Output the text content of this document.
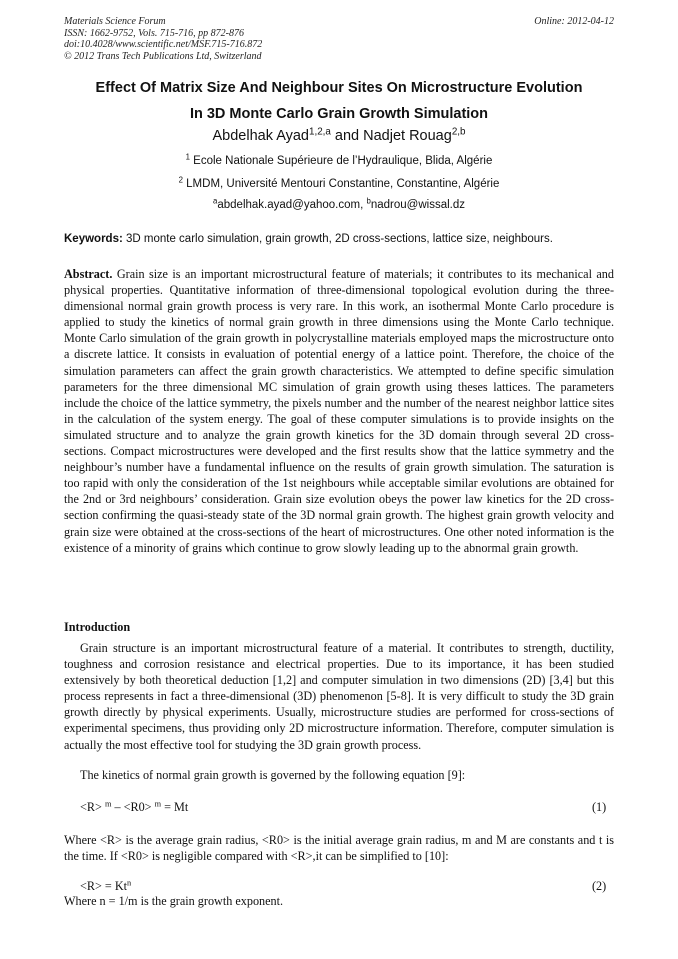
Materials Science Forum
ISSN: 1662-9752, Vols. 715-716, pp 872-876
doi:10.4028/www.scientific.net/MSF.715-716.872
© 2012 Trans Tech Publications Ltd, Switzerland
Online: 2012-04-12
Effect Of Matrix Size And Neighbour Sites On Microstructure Evolution
In 3D Monte Carlo Grain Growth Simulation
Abdelhak Ayad$^{1,2,a}$ and Nadjet Rouag$^{2,b}$
$^1$ Ecole Nationale Supérieure de l’Hydraulique, Blida, Algérie
$^2$ LMDM, Université Mentouri Constantine, Constantine, Algérie
$^a$abdelhak.ayad@yahoo.com, $^b$nadrou@wissal.dz
Keywords: 3D monte carlo simulation, grain growth, 2D cross-sections, lattice size, neighbours.

Abstract. Grain size is an important microstructural feature of materials; it contributes to its mechanical and physical properties. Quantitative information of three-dimensional topological evolution during the three-dimensional normal grain growth process is very rare. In this work, an isothermal Monte Carlo procedure is applied to study the kinetics of normal grain growth in three dimensions using the Monte Carlo technique. Monte Carlo simulation of the grain growth in polycrystalline materials employed maps the microstructure onto a discrete lattice. It consists in evaluation of potential energy of a lattice point. Therefore, the choice of the simulation parameters can affect the grain growth characteristics. We attempted to define specific simulation parameters for the three dimensional MC simulation of grain growth using theses lattices. The parameters include the choice of the lattice symmetry, the pixels number and the number of the nearest neighbor lattice sites in the calculation of the system energy. The goal of these computer simulations is to provide insights on the simulated structure and to analyze the grain growth kinetics for the 3D domain through several 2D cross-sections. Compact microstructures were developed and the first results show that the lattice symmetry and the neighbour’s number have a fundamental influence on the results of grain growth simulation. The saturation is too rapid with only the consideration of the 1st neighbours while acceptable similar evolutions are obtained for the 2nd or 3rd neighbours’ consideration. Grain size evolution obeys the power law kinetics for the 2D cross-section confirming the quasi-steady state of the 3D normal grain growth. The highest grain growth velocity and grain size were obtained at the cross-sections of the heart of microstructures. One other noted information is the existence of a minority of grains which continue to grow slowly leading up to the abnormal grain growth.

Introduction

Grain structure is an important microstructural feature of a material. It contributes to strength, ductility, toughness and corrosion resistance and electrical properties. Due to its importance, it has been studied extensively by both theoretical deduction [1,2] and computer simulation in two dimensions (2D) [3,4] but this process represents in fact a three-dimensional (3D) phenomenon [5-8]. It is very difficult to study the 3D grain growth directly by physical experiments. Usually, microstructure studies are performed for cross-sections of experimental specimens, thus providing only 2D microstructure information. Therefore, computer simulation is actually the most effective tool for studying the 3D grain growth process.

The kinetics of normal grain growth is governed by the following equation [9]:
<R> $^m$ – <R0> $^m$ = Mt	(1)

Where <R> is the average grain radius, <R0> is the initial average grain radius, m and M are constants and t is the time. If <R0> is negligible compared with <R>,it can be simplified to [10]:

$<R> = Kt^n$	(2)
Where n = 1/m is the grain growth exponent.
